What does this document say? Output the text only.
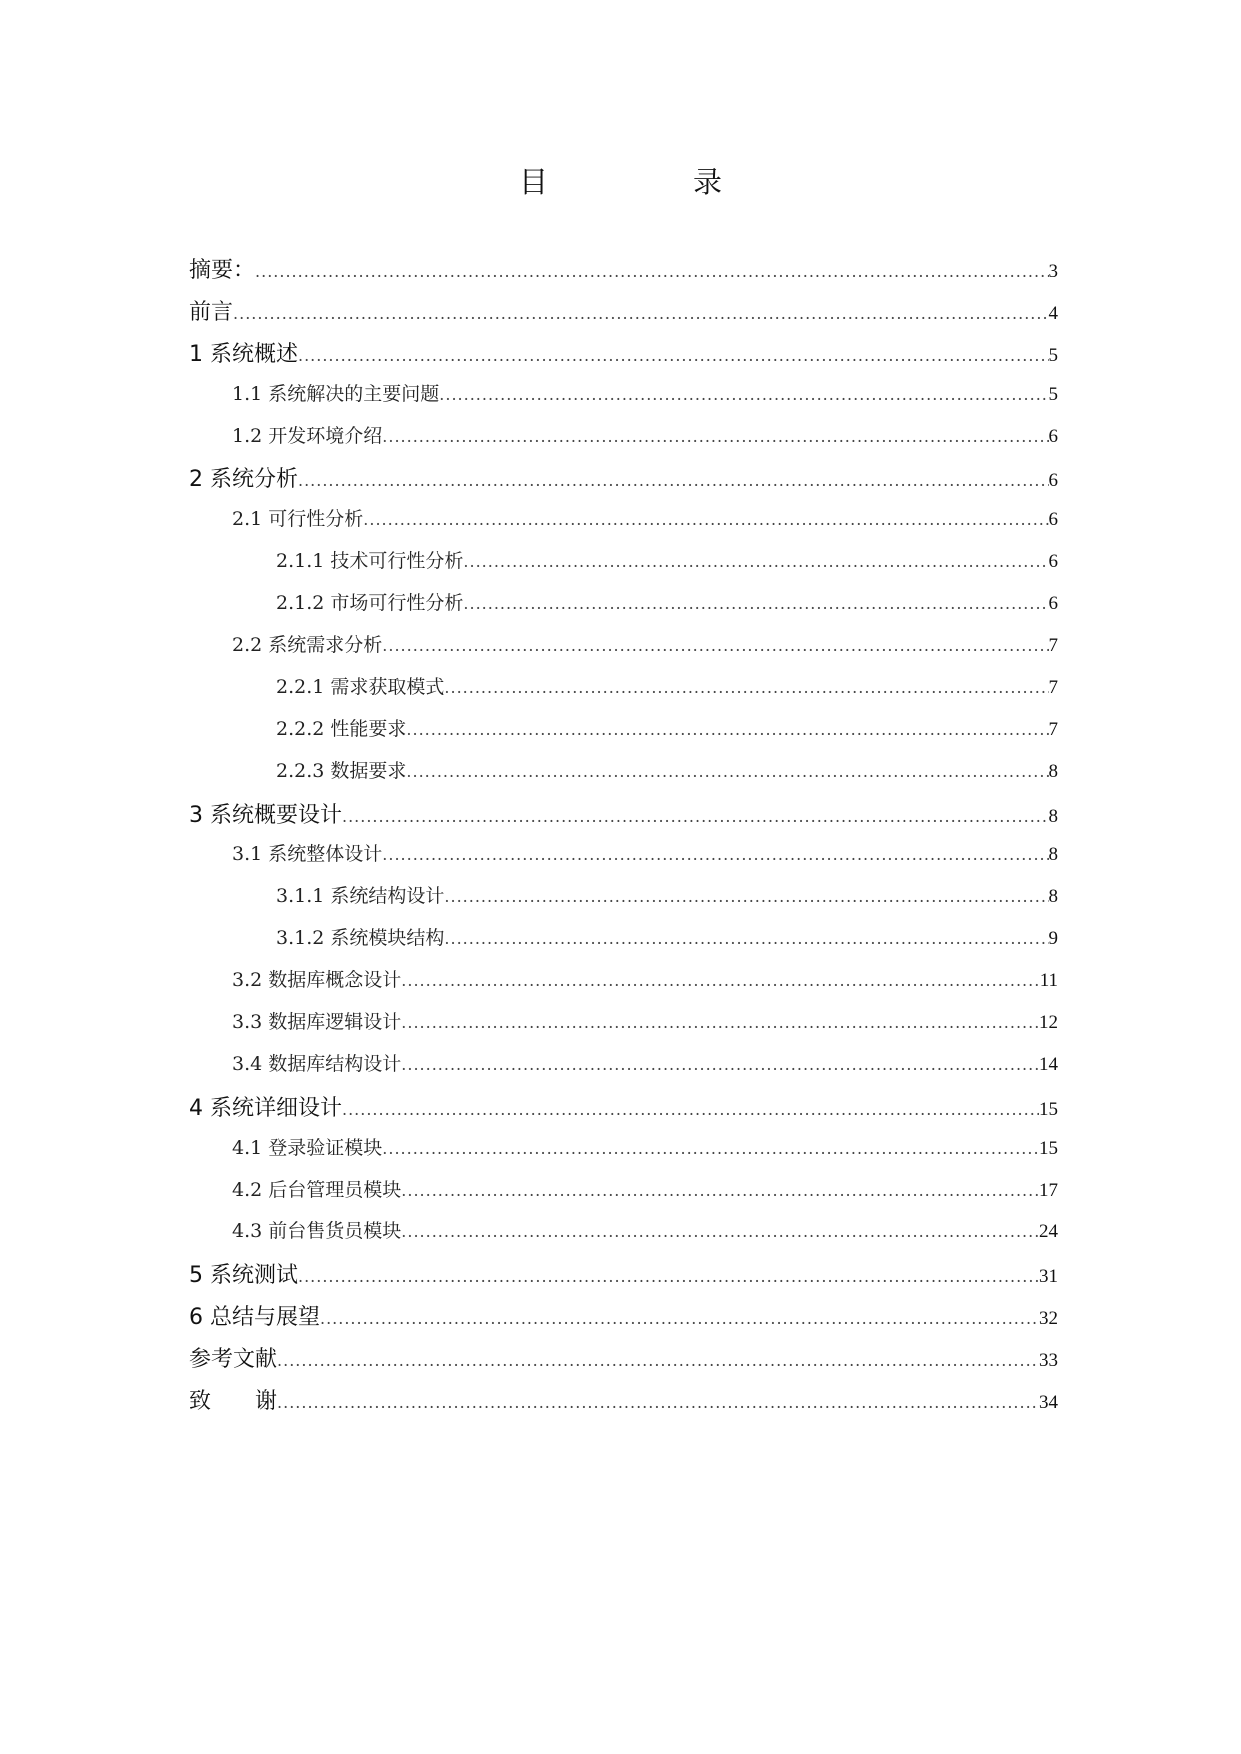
目　录
摘要： .....	3
前言 .....	4
1 系统概述 .....	5
1.1 系统解决的主要问题 .....	5
1.2 开发环境介绍 .....	6
2 系统分析 .....	6
2.1 可行性分析 .....	6
2.1.1 技术可行性分析 .....	6
2.1.2 市场可行性分析 .....	6
2.2 系统需求分析 .....	7
2.2.1 需求获取模式 .....	7
2.2.2 性能要求 .....	7
2.2.3 数据要求 .....	8
3 系统概要设计 .....	8
3.1 系统整体设计 .....	8
3.1.1 系统结构设计 .....	8
3.1.2 系统模块结构 .....	9
3.2 数据库概念设计 .....	11
3.3 数据库逻辑设计 .....	12
3.4 数据库结构设计 .....	14
4 系统详细设计 .....	15
4.1 登录验证模块 .....	15
4.2 后台管理员模块 .....	17
4.3 前台售货员模块 .....	24
5 系统测试 .....	31
6 总结与展望 .....	32
参考文献 .....	33
致　　谢 .....	34
